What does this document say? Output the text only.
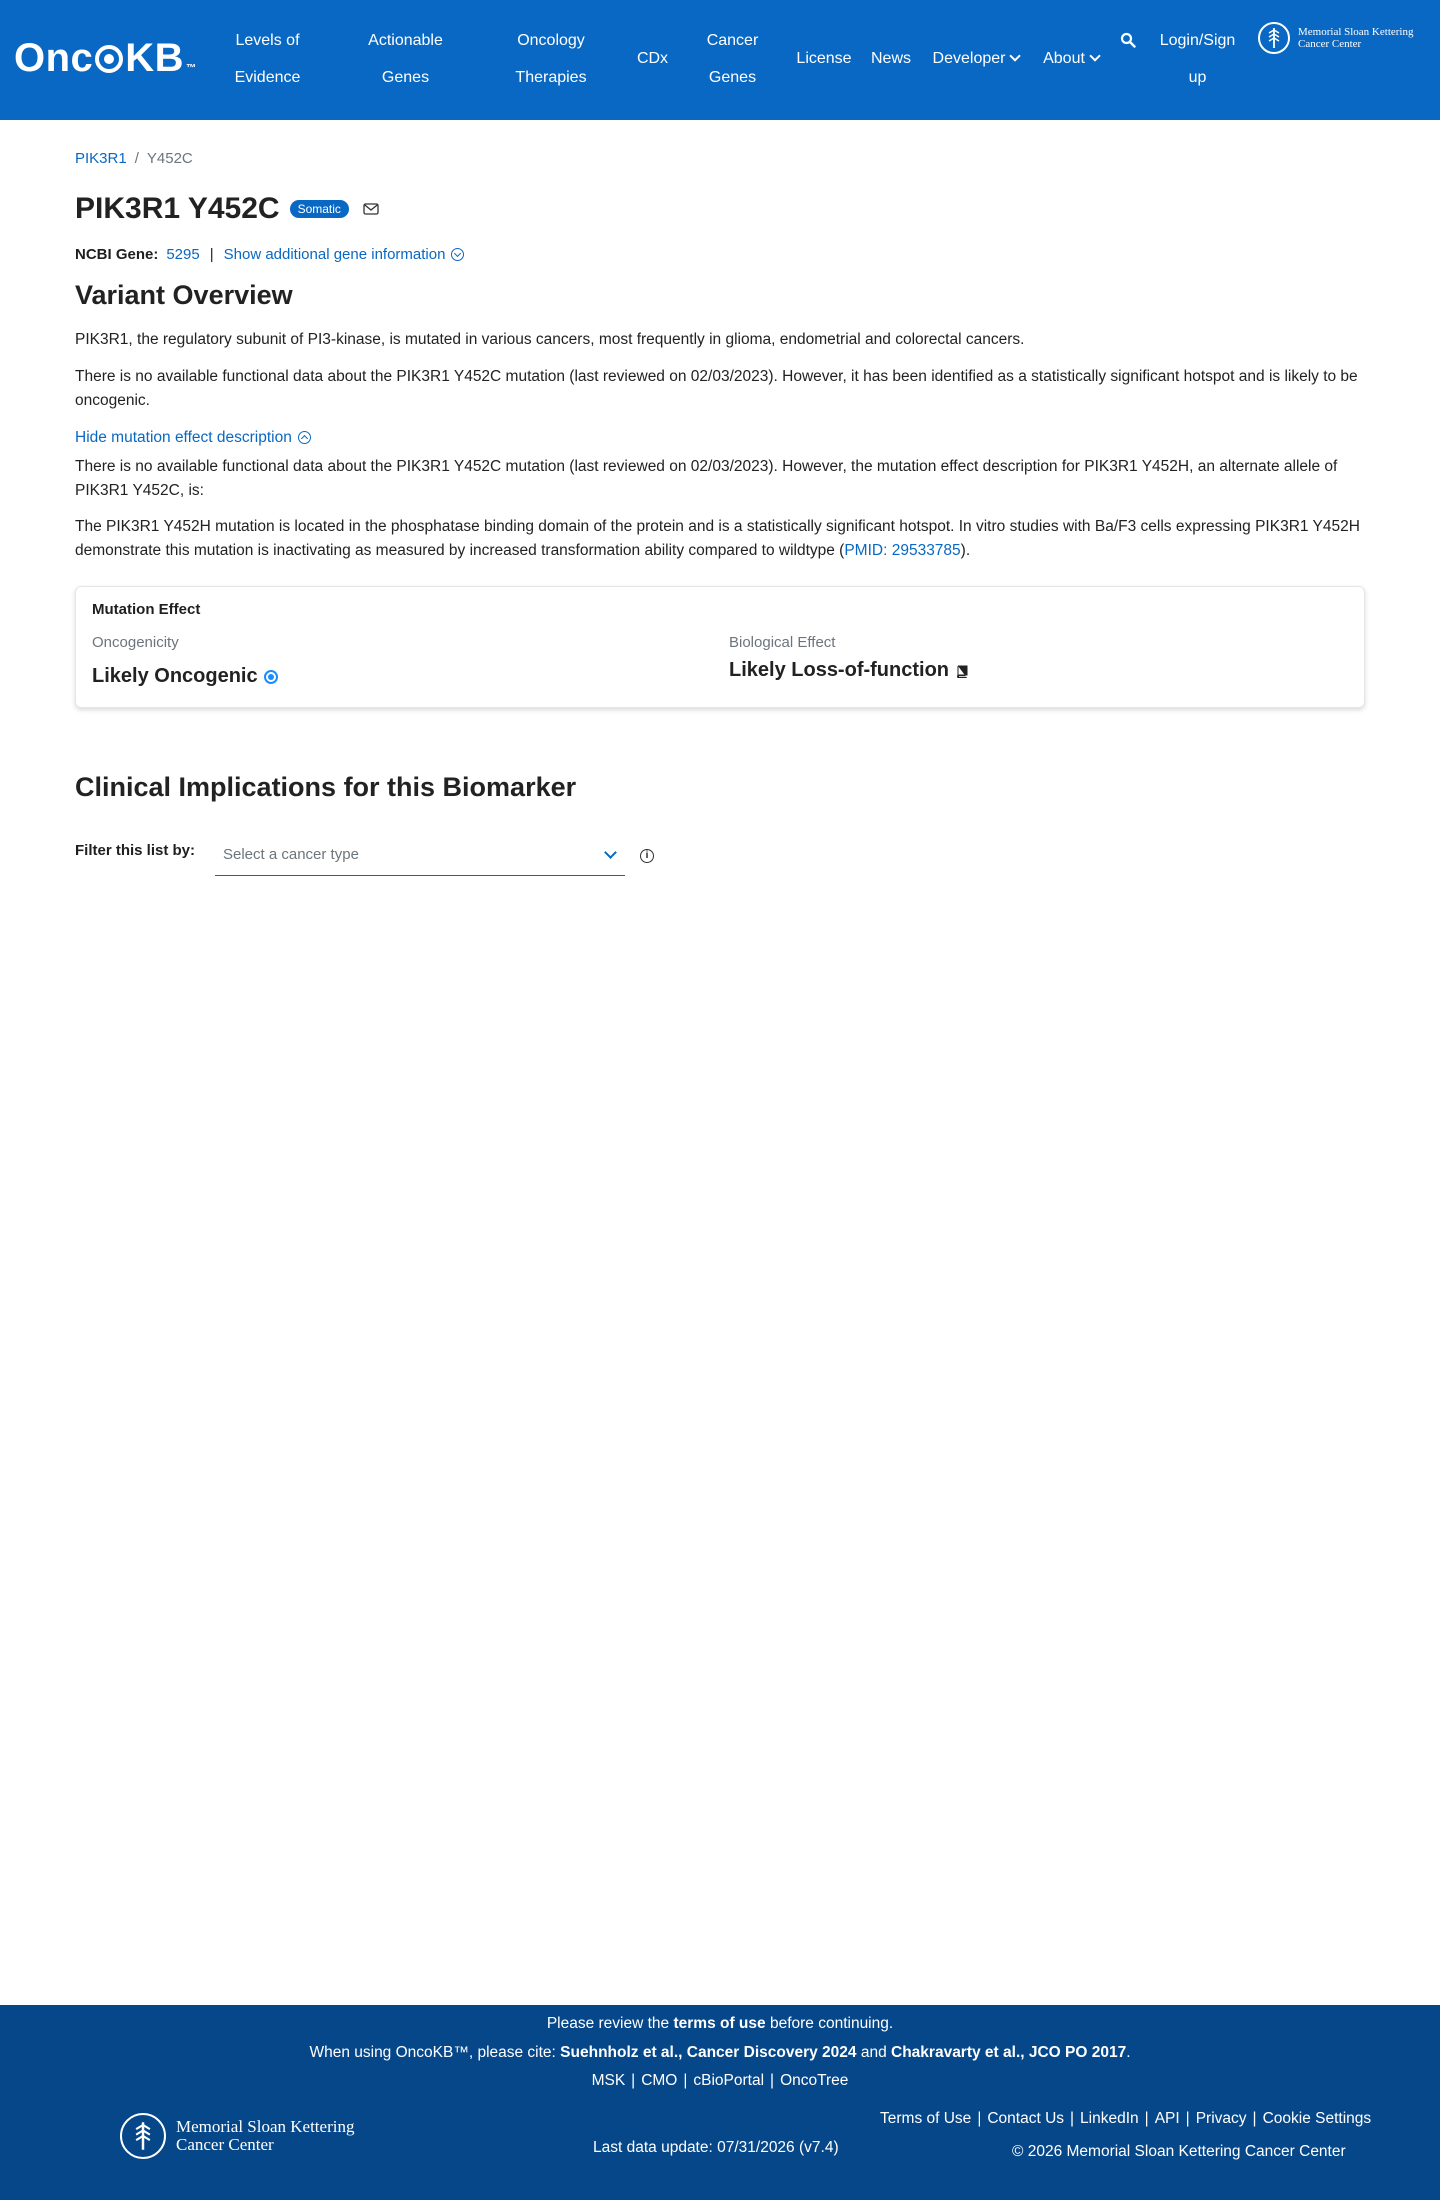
Onc $KB_™$
Levels of
Evidence
Actionable
Genes
Oncology
Therapies
CDx
Cancer
Genes
License	News	Developer	About
Login/Sign
up
Memorial Sloan Kettering
Cancer Center
PIK3R1 / Y452C
PIK3R1 Y452C	Somatic
NCBI Gene: 5295 | Show additional gene information
Variant Overview

PIK3R1, the regulatory subunit of PI3-kinase, is mutated in various cancers, most frequently in glioma, endometrial and colorectal cancers.

There is no available functional data about the PIK3R1 Y452C mutation (last reviewed on 02/03/2023). However, it has been identified as a statistically significant hotspot and is likely to be oncogenic.

Hide mutation effect description

There is no available functional data about the PIK3R1 Y452C mutation (last reviewed on 02/03/2023). However, the mutation effect description for PIK3R1 Y452H, an alternate allele of PIK3R1 Y452C, is:

The PIK3R1 Y452H mutation is located in the phosphatase binding domain of the protein and is a statistically significant hotspot. In vitro studies with Ba/F3 cells expressing PIK3R1 Y452H demonstrate this mutation is inactivating as measured by increased transformation ability compared to wildtype (PMID: 29533785).

Mutation Effect
Oncogenicity
Likely Oncogenic
Biological Effect
Likely Loss-of-function
Clinical Implications for this Biomarker
Filter this list by:	Select a cancer type	i
Please review the terms of use before continuing.
When using OncoKB™, please cite: Suehnholz et al., Cancer Discovery 2024 and Chakravarty et al., JCO PO 2017.
MSK | CMO | cBioPortal | OncoTree
Memorial Sloan Kettering
Cancer Center	Last data update: 07/31/2026 (v7.4)
Terms of Use | Contact Us | LinkedIn | API | Privacy | Cookie Settings
© 2026 Memorial Sloan Kettering Cancer Center
